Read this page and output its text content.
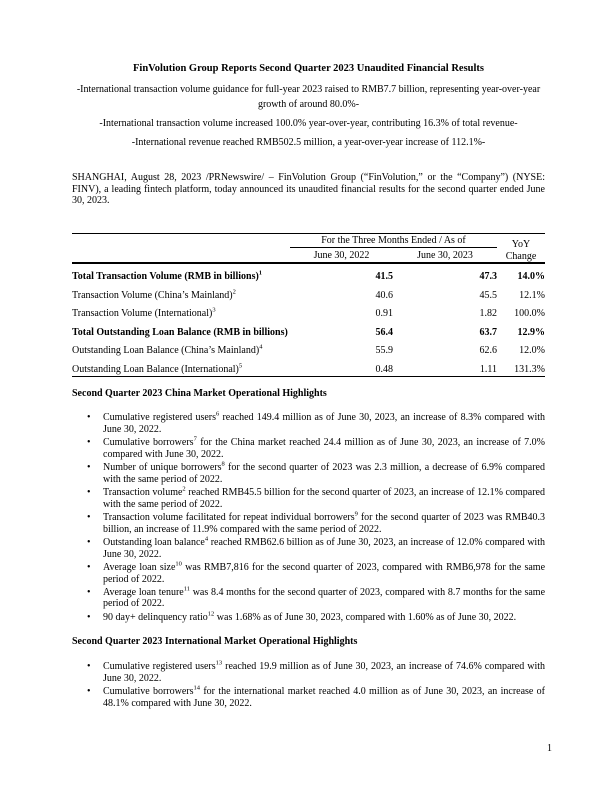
FinVolution Group Reports Second Quarter 2023 Unaudited Financial Results

-International transaction volume guidance for full-year 2023 raised to RMB7.7 billion, representing year-over-year growth of around 80.0%-

-International transaction volume increased 100.0% year-over-year, contributing 16.3% of total revenue-

-International revenue reached RMB502.5 million, a year-over-year increase of 112.1%-

SHANGHAI, August 28, 2023 /PRNewswire/ – FinVolution Group (“FinVolution,” or the “Company”) (NYSE: FINV), a leading fintech platform, today announced its unaudited financial results for the second quarter ended June 30, 2023.

	For the Three Months Ended / As of		YoY
Change
	June 30, 2022	June 30, 2023	
Total Transaction Volume (RMB in billions)$^1$	41.5	47.3	14.0%
Transaction Volume (China’s Mainland)$^2$	40.6	45.5	12.1%
Transaction Volume (International)$^3$	0.91	1.82	100.0%
Total Outstanding Loan Balance (RMB in billions)	56.4	63.7	12.9%
Outstanding Loan Balance (China’s Mainland)$^4$	55.9	62.6	12.0%
Outstanding Loan Balance (International)$^5$	0.48	1.11	131.3%

Second Quarter 2023 China Market Operational Highlights

• Cumulative registered users$^6$ reached 149.4 million as of June 30, 2023, an increase of 8.3% compared with June 30, 2022.
• Cumulative borrowers$^7$ for the China market reached 24.4 million as of June 30, 2023, an increase of 7.0% compared with June 30, 2022.
• Number of unique borrowers$^8$ for the second quarter of 2023 was 2.3 million, a decrease of 6.9% compared with the same period of 2022.
• Transaction volume$^2$ reached RMB45.5 billion for the second quarter of 2023, an increase of 12.1% compared with the same period of 2022.
• Transaction volume facilitated for repeat individual borrowers$^9$ for the second quarter of 2023 was RMB40.3 billion, an increase of 11.9% compared with the same period of 2022.
• Outstanding loan balance$^4$ reached RMB62.6 billion as of June 30, 2023, an increase of 12.0% compared with June 30, 2022.
• Average loan size$^{10}$ was RMB7,816 for the second quarter of 2023, compared with RMB6,978 for the same period of 2022.
• Average loan tenure$^{11}$ was 8.4 months for the second quarter of 2023, compared with 8.7 months for the same period of 2022.
• 90 day+ delinquency ratio$^{12}$ was 1.68% as of June 30, 2023, compared with 1.60% as of June 30, 2022.

Second Quarter 2023 International Market Operational Highlights

• Cumulative registered users$^{13}$ reached 19.9 million as of June 30, 2023, an increase of 74.6% compared with June 30, 2022.
• Cumulative borrowers$^{14}$ for the international market reached 4.0 million as of June 30, 2023, an increase of 48.1% compared with June 30, 2022.
1
